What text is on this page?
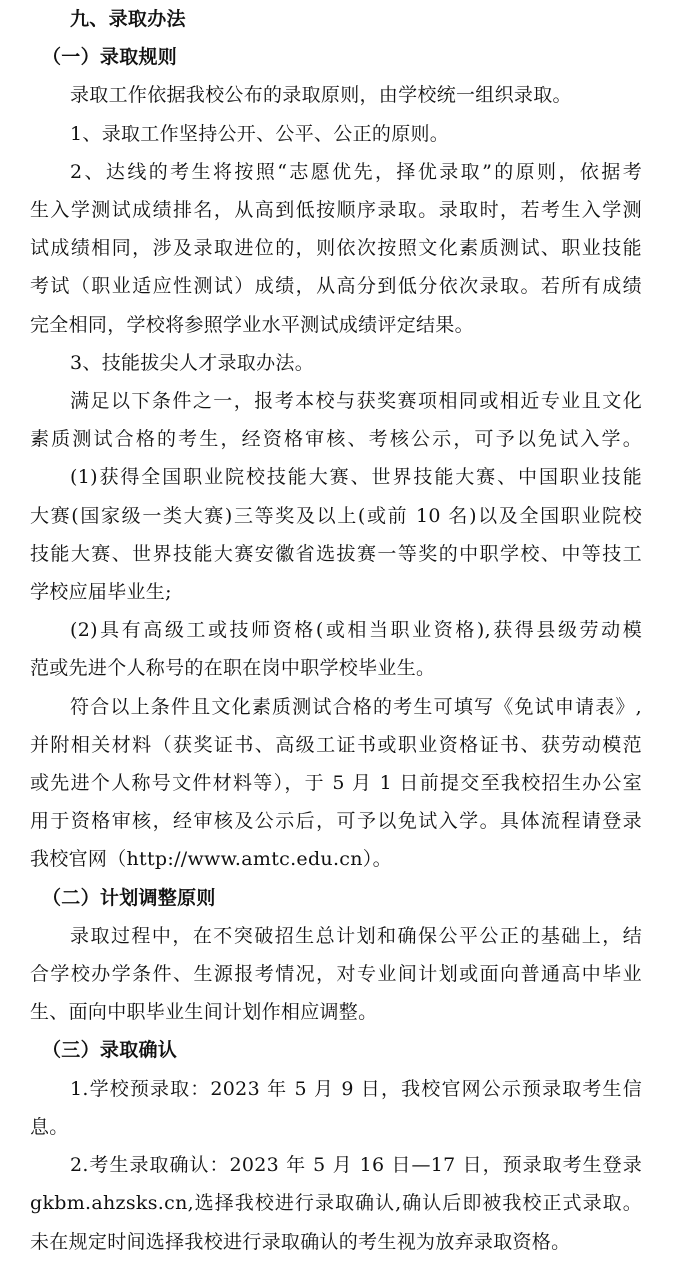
九、录取办法
（一）录取规则
录取工作依据我校公布的录取原则，由学校统一组织录取。
1、录取工作坚持公开、公平、公正的原则。
2、达线的考生将按照“志愿优先，择优录取”的原则，依据考
生入学测试成绩排名，从高到低按顺序录取。录取时，若考生入学测
试成绩相同，涉及录取进位的，则依次按照文化素质测试、职业技能
考试（职业适应性测试）成绩，从高分到低分依次录取。若所有成绩
完全相同，学校将参照学业水平测试成绩评定结果。
3、技能拔尖人才录取办法。
满足以下条件之一，报考本校与获奖赛项相同或相近专业且文化
素质测试合格的考生，经资格审核、考核公示，可予以免试入学。
(1)获得全国职业院校技能大赛、世界技能大赛、中国职业技能
大赛(国家级一类大赛)三等奖及以上(或前 10 名)以及全国职业院校
技能大赛、世界技能大赛安徽省选拔赛一等奖的中职学校、中等技工
学校应届毕业生;
(2)具有高级工或技师资格(或相当职业资格),获得县级劳动模
范或先进个人称号的在职在岗中职学校毕业生。
符合以上条件且文化素质测试合格的考生可填写《免试申请表》,
并附相关材料（获奖证书、高级工证书或职业资格证书、获劳动模范
或先进个人称号文件材料等），于 5 月 1 日前提交至我校招生办公室
用于资格审核，经审核及公示后，可予以免试入学。具体流程请登录
我校官网（http://www.amtc.edu.cn）。
（二）计划调整原则
录取过程中，在不突破招生总计划和确保公平公正的基础上，结
合学校办学条件、生源报考情况，对专业间计划或面向普通高中毕业
生、面向中职毕业生间计划作相应调整。
（三）录取确认
1.学校预录取：2023 年 5 月 9 日，我校官网公示预录取考生信
息。
2.考生录取确认：2023 年 5 月 16 日—17 日，预录取考生登录
gkbm.ahzsks.cn,选择我校进行录取确认,确认后即被我校正式录取。
未在规定时间选择我校进行录取确认的考生视为放弃录取资格。
